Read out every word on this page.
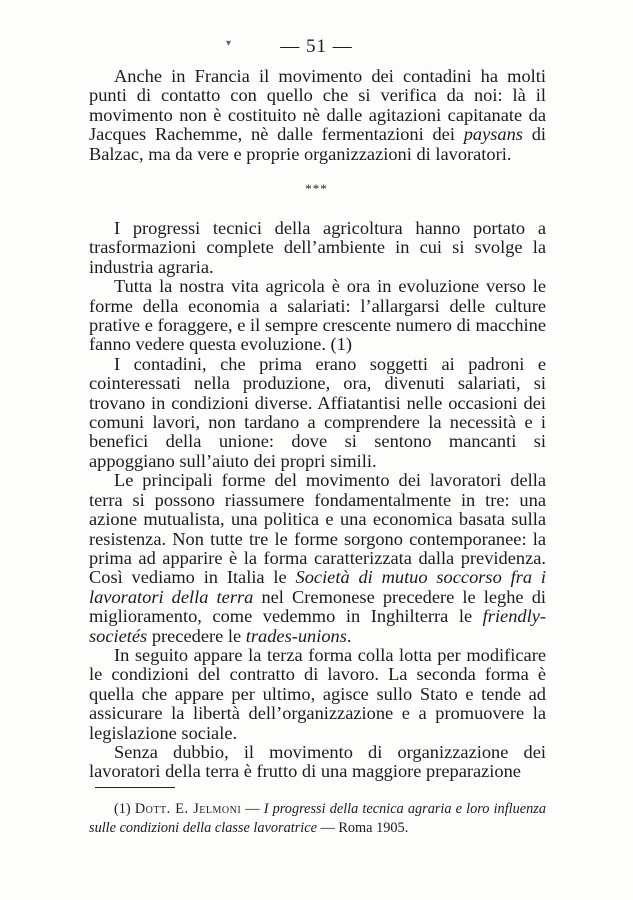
▾	— 51 —

Anche in Francia il movimento dei contadini ha molti punti di contatto con quello che si verifica da noi: là il movimento non è costituito nè dalle agitazioni capitanate da Jacques Rachemme, nè dalle fermentazioni dei paysans di Balzac, ma da vere e proprie organizzazioni di lavoratori.

***

I progressi tecnici della agricoltura hanno portato a trasformazioni complete dell’ambiente in cui si svolge la industria agraria.

Tutta la nostra vita agricola è ora in evoluzione verso le forme della economia a salariati: l’allargarsi delle culture prative e foraggere, e il sempre crescente numero di macchine fanno vedere questa evoluzione. (1)

I contadini, che prima erano soggetti ai padroni e cointeressati nella produzione, ora, divenuti salariati, si trovano in condizioni diverse. Affiatantisi nelle occasioni dei comuni lavori, non tardano a comprendere la necessità e i benefici della unione: dove si sentono mancanti si appoggiano sull’aiuto dei propri simili.

Le principali forme del movimento dei lavoratori della terra si possono riassumere fondamentalmente in tre: una azione mutualista, una politica e una economica basata sulla resistenza. Non tutte tre le forme sorgono contemporanee: la prima ad apparire è la forma caratterizzata dalla previdenza. Così vediamo in Italia le Società di mutuo soccorso fra i lavoratori della terra nel Cremonese precedere le leghe di miglioramento, come vedemmo in Inghilterra le friendly-societés precedere le trades-unions.

In seguito appare la terza forma colla lotta per modificare le condizioni del contratto di lavoro. La seconda forma è quella che appare per ultimo, agisce sullo Stato e tende ad assicurare la libertà dell’organizzazione e a promuovere la legislazione sociale.

Senza dubbio, il movimento di organizzazione dei lavoratori della terra è frutto di una maggiore preparazione

(1) Dott. E. Jelmoni — I progressi della tecnica agraria e loro influenza sulle condizioni della classe lavoratrice — Roma 1905.
